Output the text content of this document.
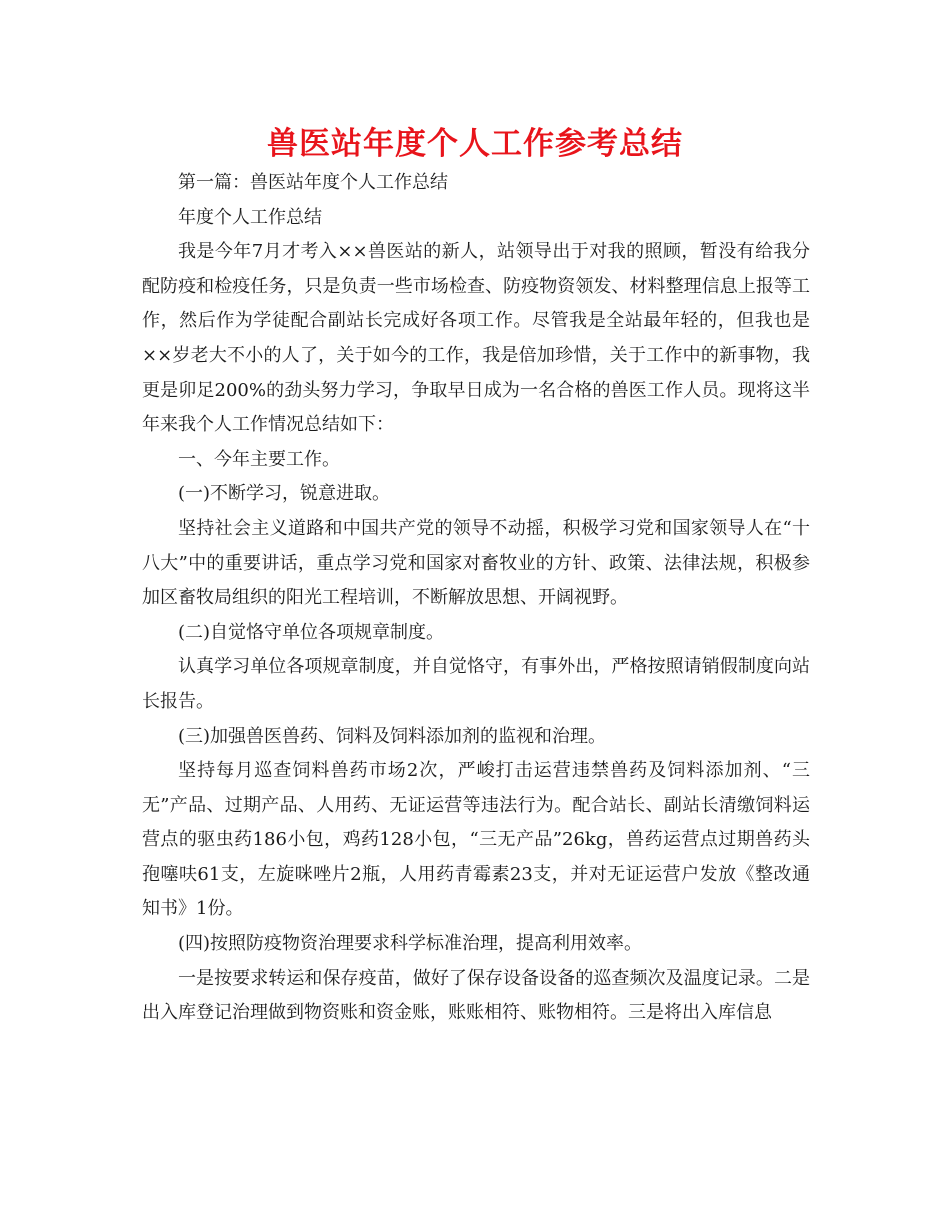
兽医站年度个人工作参考总结

第一篇：兽医站年度个人工作总结

年度个人工作总结

我是今年7月才考入××兽医站的新人，站领导出于对我的照顾，暂没有给我分配防疫和检疫任务，只是负责一些市场检查、防疫物资领发、材料整理信息上报等工作，然后作为学徒配合副站长完成好各项工作。尽管我是全站最年轻的，但我也是××岁老大不小的人了，关于如今的工作，我是倍加珍惜，关于工作中的新事物，我更是卯足200%的劲头努力学习，争取早日成为一名合格的兽医工作人员。现将这半年来我个人工作情况总结如下：

一、今年主要工作。

(一)不断学习，锐意进取。

坚持社会主义道路和中国共产党的领导不动摇，积极学习党和国家领导人在“十八大”中的重要讲话，重点学习党和国家对畜牧业的方针、政策、法律法规，积极参加区畜牧局组织的阳光工程培训，不断解放思想、开阔视野。

(二)自觉恪守单位各项规章制度。

认真学习单位各项规章制度，并自觉恪守，有事外出，严格按照请销假制度向站长报告。

(三)加强兽医兽药、饲料及饲料添加剂的监视和治理。

坚持每月巡查饲料兽药市场2次，严峻打击运营违禁兽药及饲料添加剂、“三无”产品、过期产品、人用药、无证运营等违法行为。配合站长、副站长清缴饲料运营点的驱虫药186小包，鸡药128小包，“三无产品”26kg，兽药运营点过期兽药头孢噻呋61支，左旋咪唑片2瓶，人用药青霉素23支，并对无证运营户发放《整改通知书》1份。

(四)按照防疫物资治理要求科学标准治理，提高利用效率。

一是按要求转运和保存疫苗，做好了保存设备设备的巡查频次及温度记录。二是出入库登记治理做到物资账和资金账，账账相符、账物相符。三是将出入库信息
